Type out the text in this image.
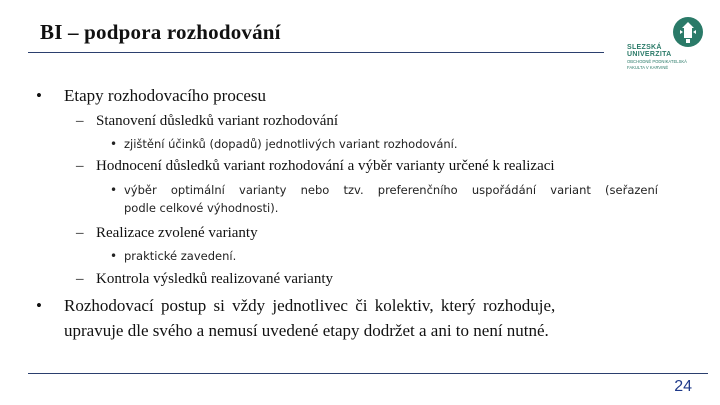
BI – podpora rozhodování
SLEZSKÁ
UNIVERZITA
OBCHODNĚ PODNIKATELSKÁ
FAKULTA V KARVINÉ
• Etapy rozhodovacího procesu
– Stanovení důsledků variant rozhodování
• zjištění účinků (dopadů) jednotlivých variant rozhodování.
– Hodnocení důsledků variant rozhodování a výběr varianty určené k realizaci
• výběr optimální varianty nebo tzv. preferenčního uspořádání variant (seřazení
podle celkové výhodnosti).
– Realizace zvolené varianty
• praktické zavedení.
– Kontrola výsledků realizované varianty
• Rozhodovací postup si vždy jednotlivec či kolektiv, který rozhoduje,
upravuje dle svého a nemusí uvedené etapy dodržet a ani to není nutné.
24
